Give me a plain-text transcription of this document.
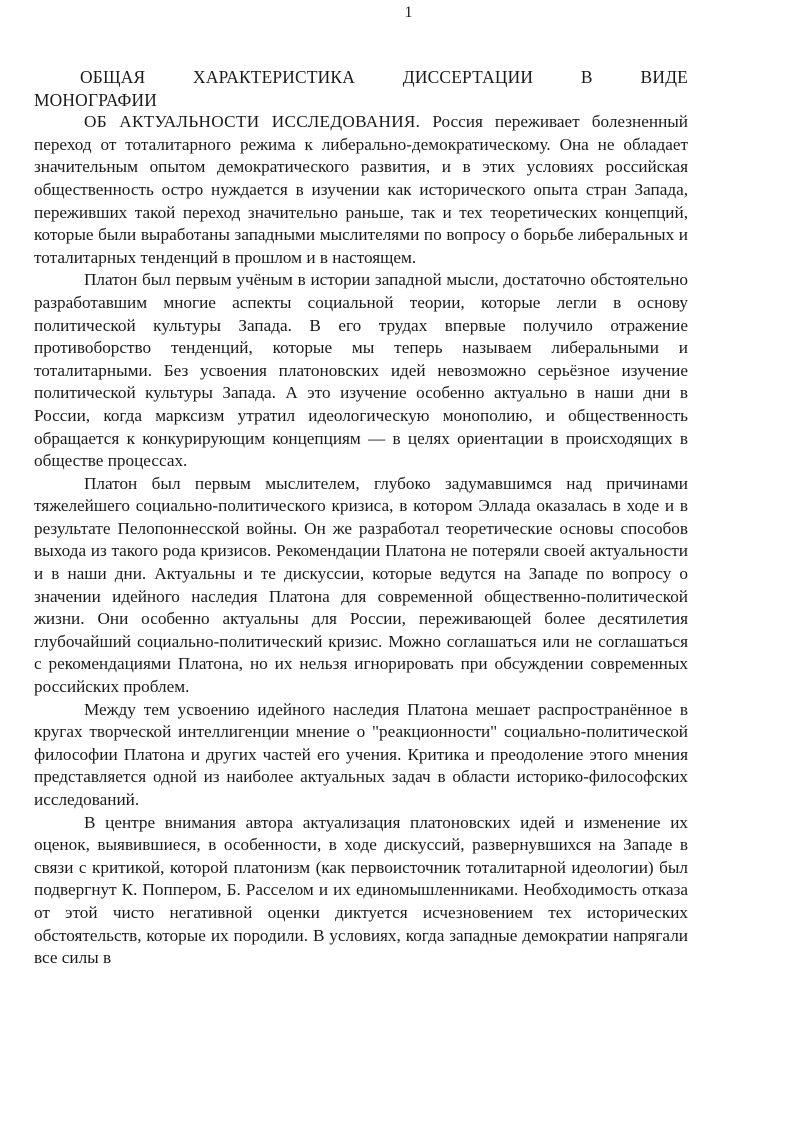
1
ОБЩАЯ ХАРАКТЕРИСТИКА ДИССЕРТАЦИИ В ВИДЕ
МОНОГРАФИИ

ОБ АКТУАЛЬНОСТИ ИССЛЕДОВАНИЯ. Россия переживает болезненный переход от тоталитарного режима к либерально-демократическому. Она не обладает значительным опытом демократического развития, и в этих условиях российская общественность остро нуждается в изучении как исторического опыта стран Запада, переживших такой переход значительно раньше, так и тех теоретических концепций, которые были выработаны западными мыслителями по вопросу о борьбе либеральных и тоталитарных тенденций в прошлом и в настоящем.

Платон был первым учёным в истории западной мысли, достаточно обстоятельно разработавшим многие аспекты социальной теории, которые легли в основу политической культуры Запада. В его трудах впервые получило отражение противоборство тенденций, которые мы теперь называем либеральными и тоталитарными. Без усвоения платоновских идей невозможно серьёзное изучение политической культуры Запада. А это изучение особенно актуально в наши дни в России, когда марксизм утратил идеологическую монополию, и общественность обращается к конкурирующим концепциям — в целях ориентации в происходящих в обществе процессах.

Платон был первым мыслителем, глубоко задумавшимся над причинами тяжелейшего социально-политического кризиса, в котором Эллада оказалась в ходе и в результате Пелопоннесской войны. Он же разработал теоретические основы способов выхода из такого рода кризисов. Рекомендации Платона не потеряли своей актуальности и в наши дни. Актуальны и те дискуссии, которые ведутся на Западе по вопросу о значении идейного наследия Платона для современной общественно-политической жизни. Они особенно актуальны для России, переживающей более десятилетия глубочайший социально-политический кризис. Можно соглашаться или не соглашаться с рекомендациями Платона, но их нельзя игнорировать при обсуждении современных российских проблем.

Между тем усвоению идейного наследия Платона мешает распространённое в кругах творческой интеллигенции мнение о "реакционности" социально-политической философии Платона и других частей его учения. Критика и преодоление этого мнения представляется одной из наиболее актуальных задач в области историко-философских исследований.

В центре внимания автора актуализация платоновских идей и изменение их оценок, выявившиеся, в особенности, в ходе дискуссий, развернувшихся на Западе в связи с критикой, которой платонизм (как первоисточник тоталитарной идеологии) был подвергнут К. Поппером, Б. Расселом и их единомышленниками. Необходимость отказа от этой чисто негативной оценки диктуется исчезновением тех исторических обстоятельств, которые их породили. В условиях, когда западные демократии напрягали все силы в
